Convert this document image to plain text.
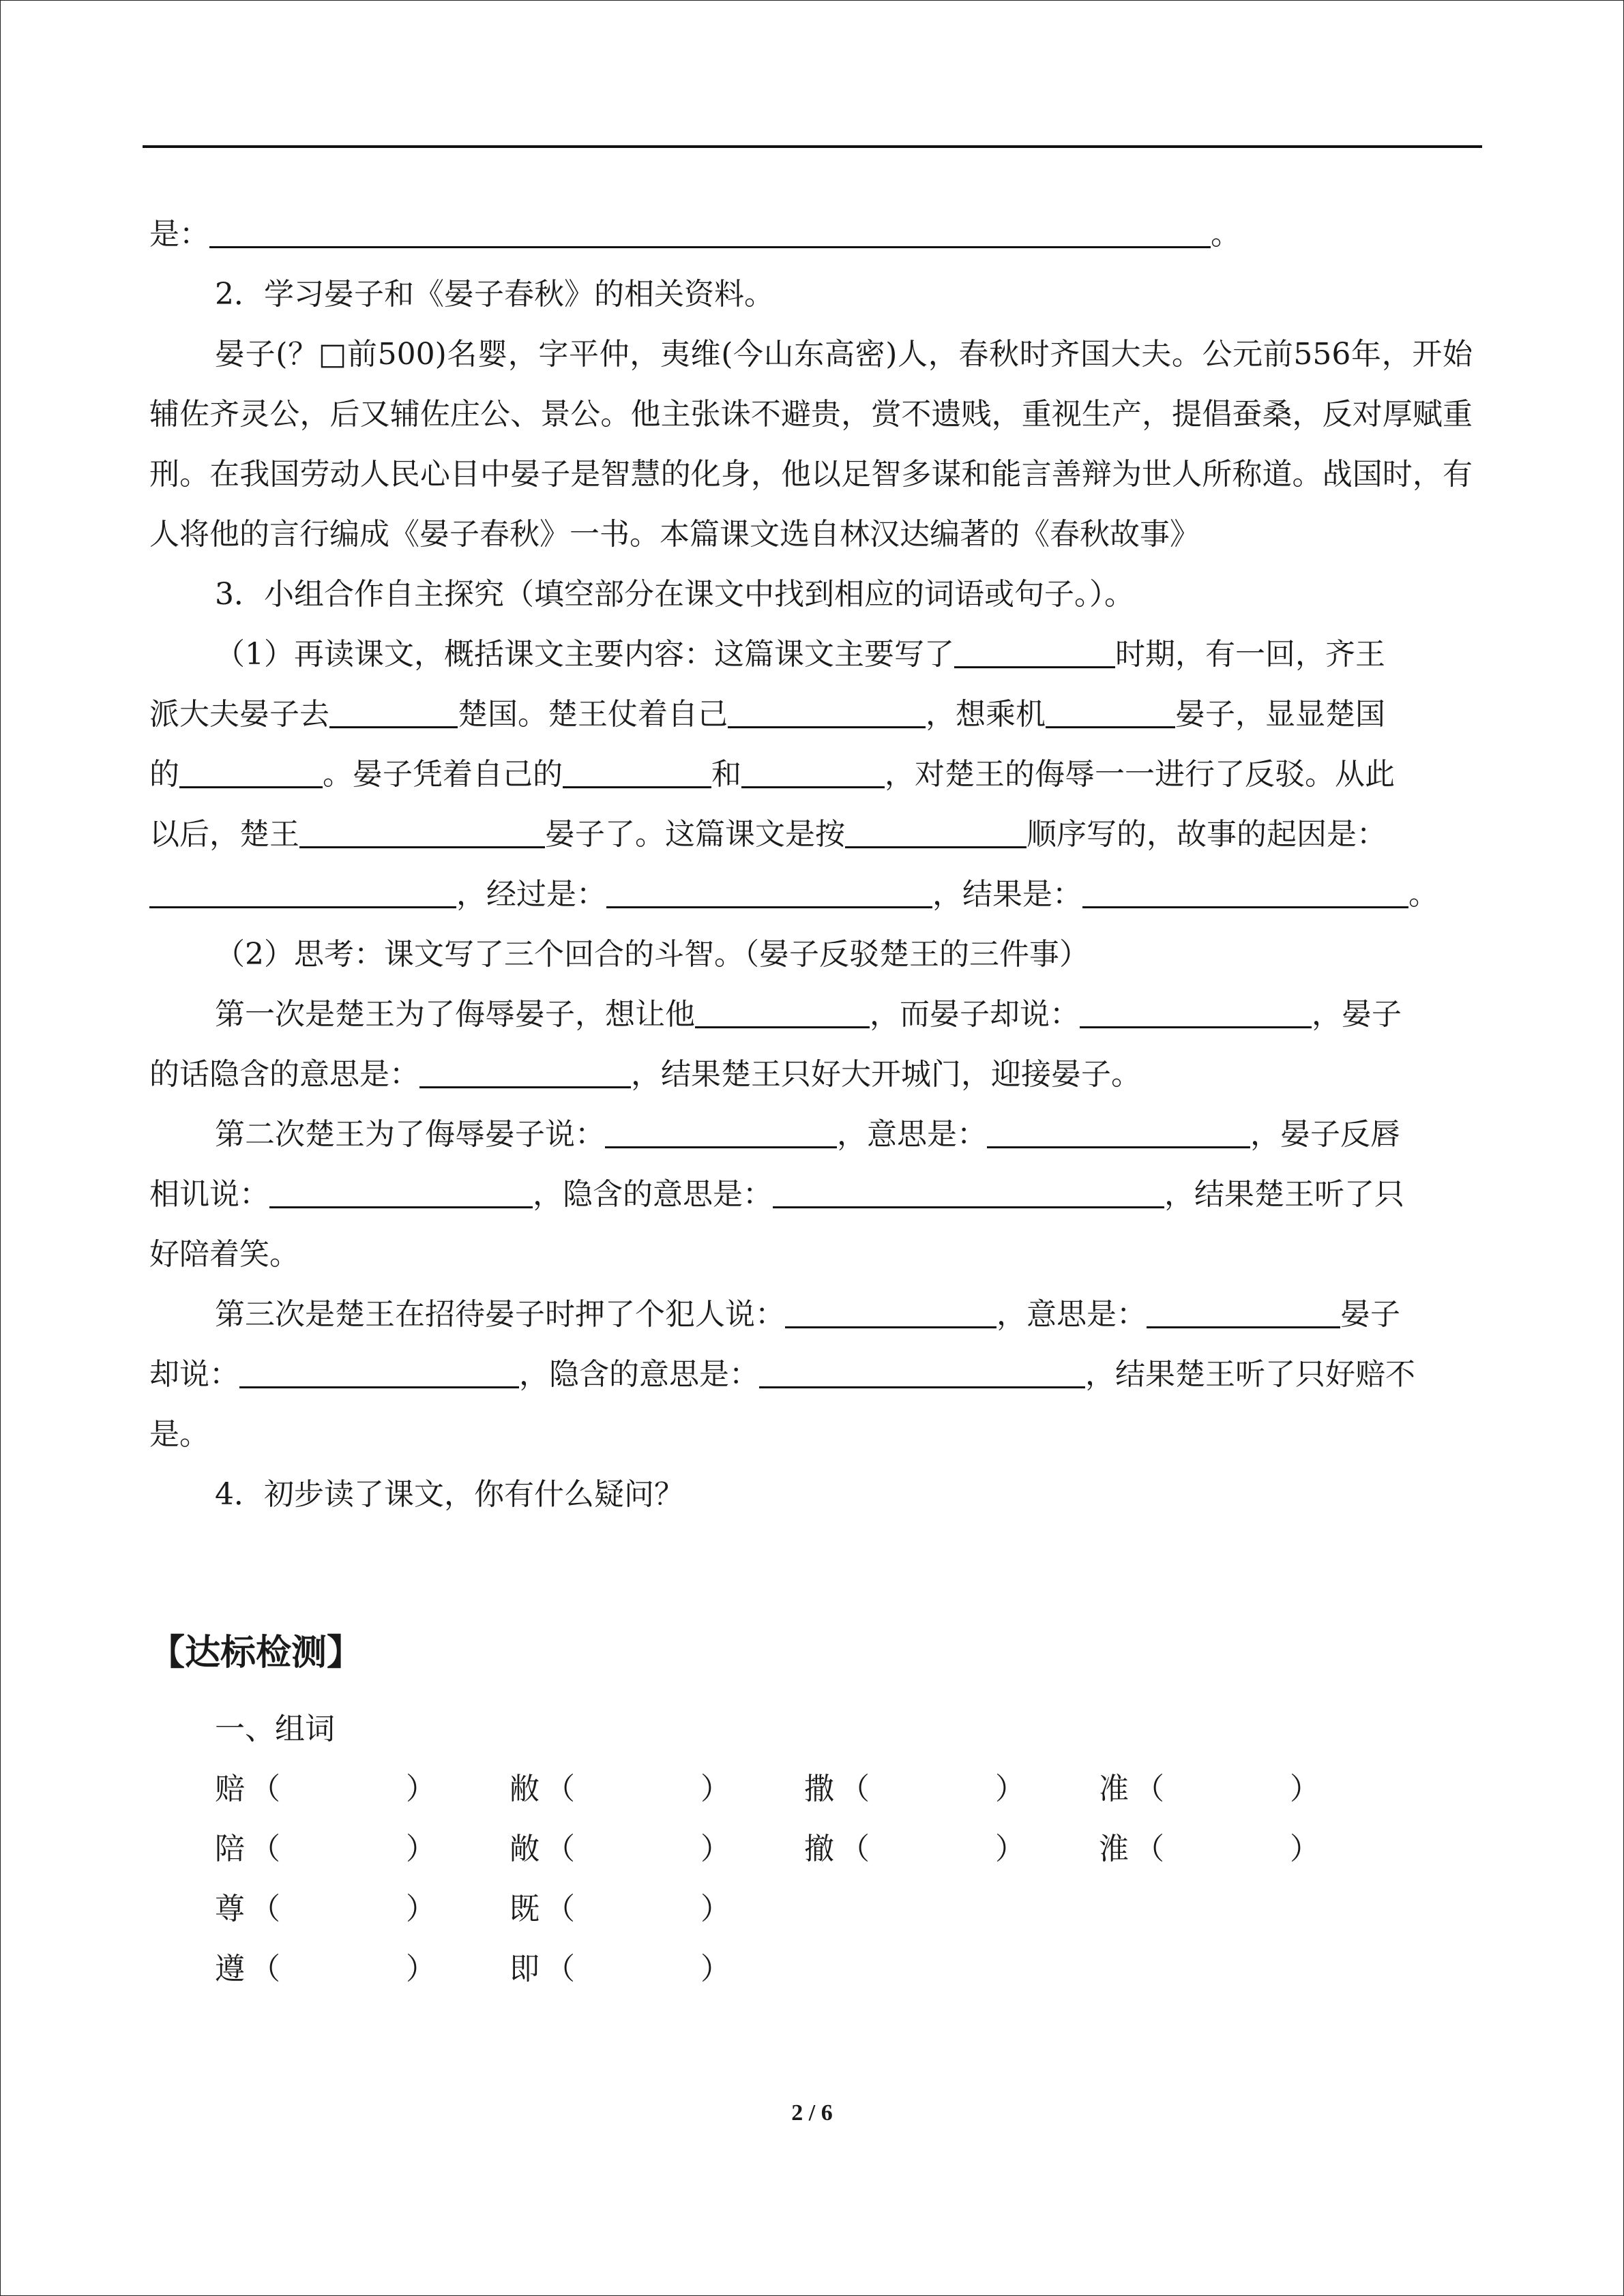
是：	。
2．学习晏子和《晏子春秋》的相关资料。

晏子(？□前500)名婴，字平仲，夷维(今山东高密)人，春秋时齐国大夫。公元前556年，开始辅佐齐灵公，后又辅佐庄公、景公。他主张诛不避贵，赏不遗贱，重视生产，提倡蚕桑，反对厚赋重刑。在我国劳动人民心目中晏子是智慧的化身，他以足智多谋和能言善辩为世人所称道。战国时，有人将他的言行编成《晏子春秋》一书。本篇课文选自林汉达编著的《春秋故事》

3．小组合作自主探究（填空部分在课文中找到相应的词语或句子。）。
（1）再读课文，概括课文主要内容：这篇课文主要写了	时期，有一回，齐王
派大夫晏子去	楚国。楚王仗着自己	，想乘机	晏子，显显楚国
的	。晏子凭着自己的	和	，对楚王的侮辱一一进行了反驳。从此
以后，楚王	晏子了。这篇课文是按	顺序写的，故事的起因是：
，经过是：	，结果是：	。
（2）思考：课文写了三个回合的斗智。（晏子反驳楚王的三件事）
第一次是楚王为了侮辱晏子，想让他	，而晏子却说：	，晏子
的话隐含的意思是：	，结果楚王只好大开城门，迎接晏子。
第二次楚王为了侮辱晏子说：	，意思是：	，晏子反唇
相讥说：	，隐含的意思是：	，结果楚王听了只
好陪着笑。
第三次是楚王在招待晏子时押了个犯人说：	，意思是：	晏子
却说：	，隐含的意思是：	，结果楚王听了只好赔不
是。
4．初步读了课文，你有什么疑问？
【达标检测】
一、组词
赔 （	） 敝 （	） 撒 （	） 准 （	）
陪 （	） 敞 （	） 撤 （	） 淮 （	）
尊 （	） 既 （	）
遵 （	） 即 （	）
2 / 6
